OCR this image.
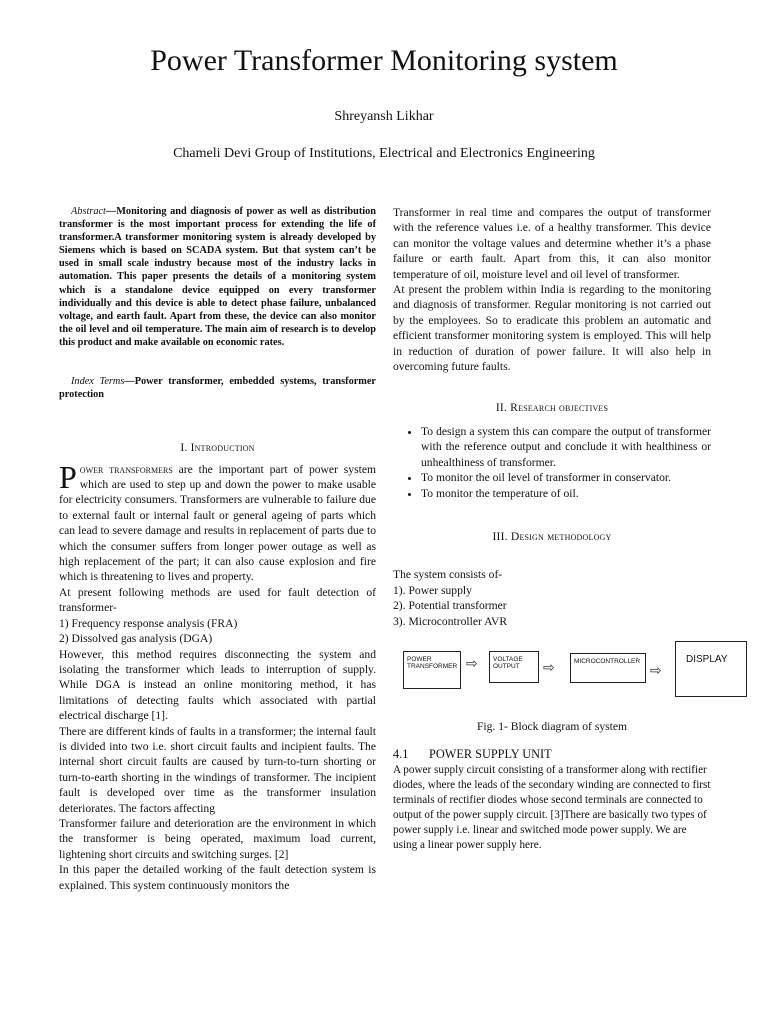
Power Transformer Monitoring system
Shreyansh Likhar
Chameli Devi Group of Institutions, Electrical and Electronics Engineering

Abstract—Monitoring and diagnosis of power as well as distribution transformer is the most important process for extending the life of transformer.A transformer monitoring system is already developed by Siemens which is based on SCADA system. But that system can’t be used in small scale industry because most of the industry lacks in automation. This paper presents the details of a monitoring system which is a standalone device equipped on every transformer individually and this device is able to detect phase failure, unbalanced voltage, and earth fault. Apart from these, the device can also monitor the oil level and oil temperature. The main aim of research is to develop this product and make available on economic rates.

Index Terms—Power transformer, embedded systems, transformer protection

I. Introduction

Power transformers are the important part of power system which are used to step up and down the power to make usable for electricity consumers. Transformers are vulnerable to failure due to external fault or internal fault or general ageing of parts which can lead to severe damage and results in replacement of parts due to which the consumer suffers from longer power outage as well as high replacement of the part; it can also cause explosion and fire which is threatening to lives and property.

At present following methods are used for fault detection of transformer-

1) Frequency response analysis (FRA)

2) Dissolved gas analysis (DGA)

However, this method requires disconnecting the system and isolating the transformer which leads to interruption of supply. While DGA is instead an online monitoring method, it has limitations of detecting faults which associated with partial electrical discharge [1].

There are different kinds of faults in a transformer; the internal fault is divided into two i.e. short circuit faults and incipient faults. The internal short circuit faults are caused by turn-to-turn shorting or turn-to-earth shorting in the windings of transformer. The incipient fault is developed over time as the transformer insulation deteriorates. The factors affecting

Transformer failure and deterioration are the environment in which the transformer is being operated, maximum load current, lightening short circuits and switching surges. [2]

In this paper the detailed working of the fault detection system is explained. This system continuously monitors the

Transformer in real time and compares the output of transformer with the reference values i.e. of a healthy transformer. This device can monitor the voltage values and determine whether it’s a phase failure or earth fault. Apart from this, it can also monitor temperature of oil, moisture level and oil level of transformer.

At present the problem within India is regarding to the monitoring and diagnosis of transformer. Regular monitoring is not carried out by the employees. So to eradicate this problem an automatic and efficient transformer monitoring system is employed. This will help in reduction of duration of power failure. It will also help in overcoming future faults.

II. Research objectives
• To design a system this can compare the output of transformer with the reference output and conclude it with healthiness or unhealthiness of transformer.
• To monitor the oil level of transformer in conservator.
• To monitor the temperature of oil.
III. Design methodology

The system consists of-

1). Power supply

2). Potential transformer

3). Microcontroller AVR

POWER TRANSFORMER ⇨	VOLTAGE OUTPUT	⇨	MICROCONTROLLER
⇨
DISPLAY
Fig. 1- Block diagram of system
4.1 POWER SUPPLY UNIT

A power supply circuit consisting of a transformer along with rectifier diodes, where the leads of the secondary winding are connected to first terminals of rectifier diodes whose second terminals are connected to output of the power supply circuit. [3]There are basically two types of power supply i.e. linear and switched mode power supply. We are using a linear power supply here.
